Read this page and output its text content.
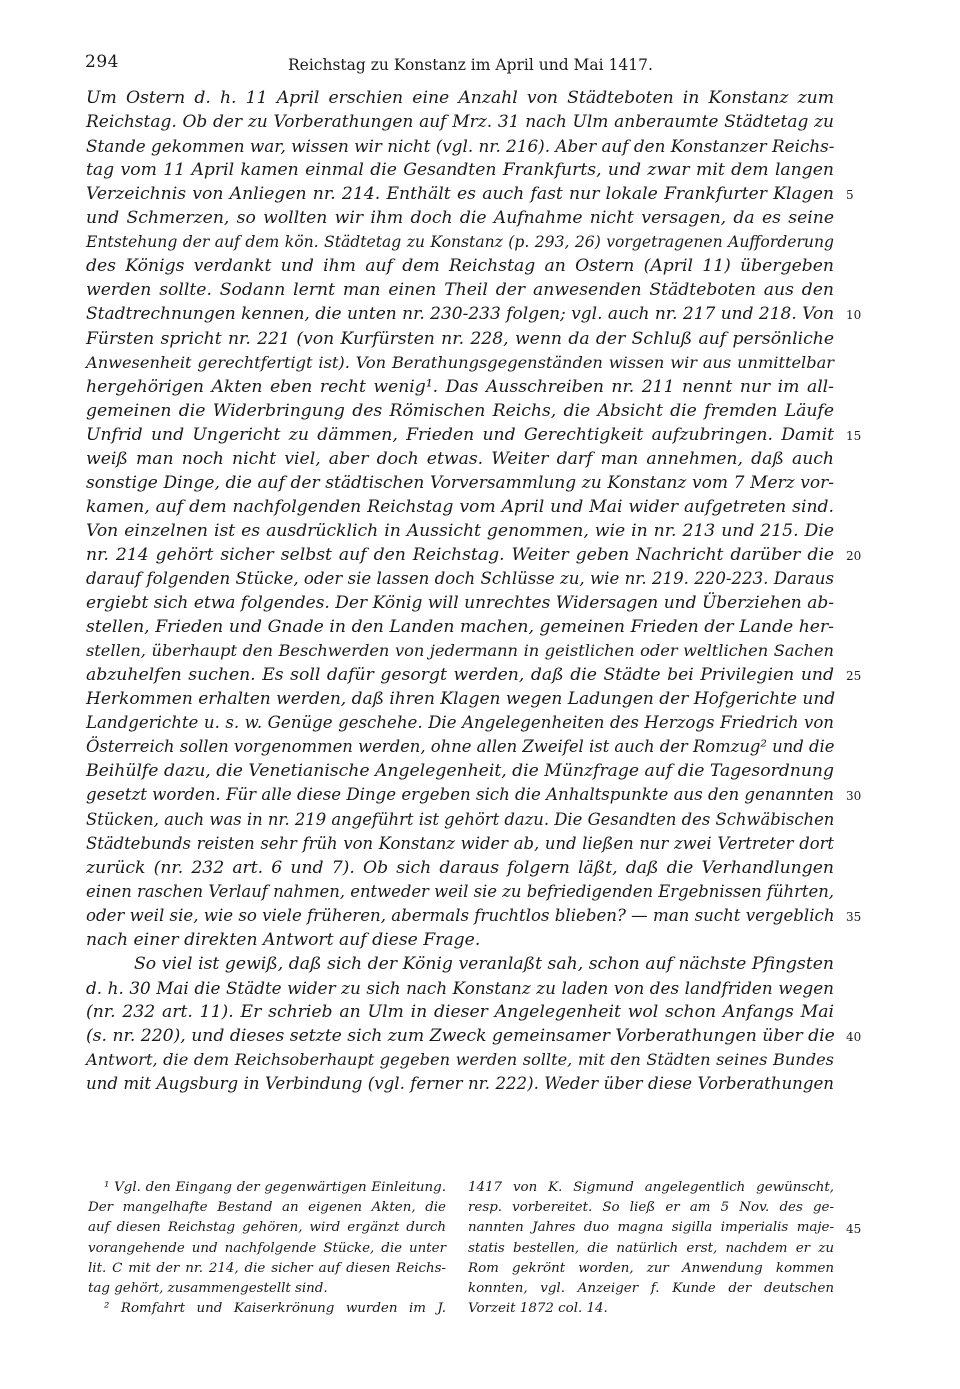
294	Reichstag zu Konstanz im April und Mai 1417.
Um Ostern d. h. 11 April erschien eine Anzahl von Städteboten in Konstanz zum
Reichstag. Ob der zu Vorberathungen auf Mrz. 31 nach Ulm anberaumte Städtetag zu
Stande gekommen war, wissen wir nicht (vgl. nr. 216). Aber auf den Konstanzer Reichs-
tag vom 11 April kamen einmal die Gesandten Frankfurts, und zwar mit dem langen
Verzeichnis von Anliegen nr. 214. Enthält es auch fast nur lokale Frankfurter Klagen
und Schmerzen, so wollten wir ihm doch die Aufnahme nicht versagen, da es seine
Entstehung der auf dem kön. Städtetag zu Konstanz (p. 293, 26) vorgetragenen Aufforderung
des Königs verdankt und ihm auf dem Reichstag an Ostern (April 11) übergeben
werden sollte. Sodann lernt man einen Theil der anwesenden Städteboten aus den
Stadtrechnungen kennen, die unten nr. 230-233 folgen; vgl. auch nr. 217 und 218. Von
Fürsten spricht nr. 221 (von Kurfürsten nr. 228, wenn da der Schluß auf persönliche
Anwesenheit gerechtfertigt ist). Von Berathungsgegenständen wissen wir aus unmittelbar
hergehörigen Akten eben recht wenig¹. Das Ausschreiben nr. 211 nennt nur im all-
gemeinen die Widerbringung des Römischen Reichs, die Absicht die fremden Läufe
Unfrid und Ungericht zu dämmen, Frieden und Gerechtigkeit aufzubringen. Damit
weiß man noch nicht viel, aber doch etwas. Weiter darf man annehmen, daß auch
sonstige Dinge, die auf der städtischen Vorversammlung zu Konstanz vom 7 Merz vor-
kamen, auf dem nachfolgenden Reichstag vom April und Mai wider aufgetreten sind.
Von einzelnen ist es ausdrücklich in Aussicht genommen, wie in nr. 213 und 215. Die
nr. 214 gehört sicher selbst auf den Reichstag. Weiter geben Nachricht darüber die
darauf folgenden Stücke, oder sie lassen doch Schlüsse zu, wie nr. 219. 220-223. Daraus
ergiebt sich etwa folgendes. Der König will unrechtes Widersagen und Überziehen ab-
stellen, Frieden und Gnade in den Landen machen, gemeinen Frieden der Lande her-
stellen, überhaupt den Beschwerden von jedermann in geistlichen oder weltlichen Sachen
abzuhelfen suchen. Es soll dafür gesorgt werden, daß die Städte bei Privilegien und
Herkommen erhalten werden, daß ihren Klagen wegen Ladungen der Hofgerichte und
Landgerichte u. s. w. Genüge geschehe. Die Angelegenheiten des Herzogs Friedrich von
Österreich sollen vorgenommen werden, ohne allen Zweifel ist auch der Romzug² und die
Beihülfe dazu, die Venetianische Angelegenheit, die Münzfrage auf die Tagesordnung
gesetzt worden. Für alle diese Dinge ergeben sich die Anhaltspunkte aus den genannten
Stücken, auch was in nr. 219 angeführt ist gehört dazu. Die Gesandten des Schwäbischen
Städtebunds reisten sehr früh von Konstanz wider ab, und ließen nur zwei Vertreter dort
zurück (nr. 232 art. 6 und 7). Ob sich daraus folgern läßt, daß die Verhandlungen
einen raschen Verlauf nahmen, entweder weil sie zu befriedigenden Ergebnissen führten,
oder weil sie, wie so viele früheren, abermals fruchtlos blieben? — man sucht vergeblich
nach einer direkten Antwort auf diese Frage.
So viel ist gewiß, daß sich der König veranlaßt sah, schon auf nächste Pfingsten
d. h. 30 Mai die Städte wider zu sich nach Konstanz zu laden von des landfriden wegen
(nr. 232 art. 11). Er schrieb an Ulm in dieser Angelegenheit wol schon Anfangs Mai
(s. nr. 220), und dieses setzte sich zum Zweck gemeinsamer Vorberathungen über die
Antwort, die dem Reichsoberhaupt gegeben werden sollte, mit den Städten seines Bundes
und mit Augsburg in Verbindung (vgl. ferner nr. 222). Weder über diese Vorberathungen
5
10
15
20
25
30
35
40
¹ Vgl. den Eingang der gegenwärtigen Einleitung.
Der mangelhafte Bestand an eigenen Akten, die
auf diesen Reichstag gehören, wird ergänzt durch
vorangehende und nachfolgende Stücke, die unter
lit. C mit der nr. 214, die sicher auf diesen Reichs-
tag gehört, zusammengestellt sind.
² Romfahrt und Kaiserkrönung wurden im J.
1417 von K. Sigmund angelegentlich gewünscht,
resp. vorbereitet. So ließ er am 5 Nov. des ge-
nannten Jahres duo magna sigilla imperialis maje-
statis bestellen, die natürlich erst, nachdem er zu
Rom gekrönt worden, zur Anwendung kommen
konnten, vgl. Anzeiger f. Kunde der deutschen
Vorzeit 1872 col. 14.
45
